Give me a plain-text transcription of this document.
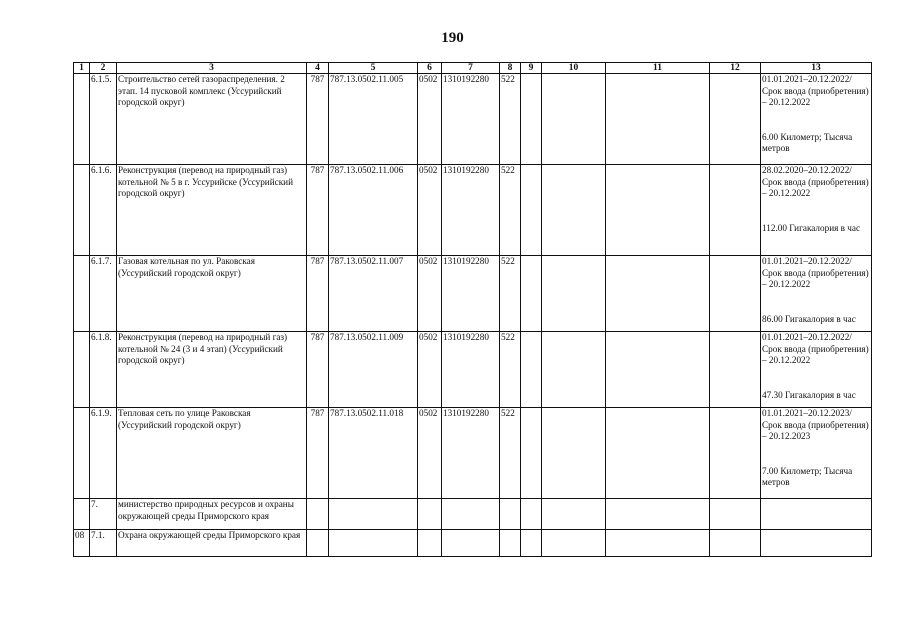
190
1	2	3	4	5	6	7	8	9	10	11	12	13
	6.1.5.	Строительство сетей газораспределения. 2 этап. 14 пусковой комплекс (Уссурийский городской округ)	787	787.13.0502.11.005	0502	1310192280	522					01.01.2021–20.12.2022/ Срок ввода (приобретения) – 20.12.2022
6.00 Километр; Тысяча метров

	6.1.6.	Реконструкция (перевод на природный газ) котельной № 5 в г. Уссурийске (Уссурийский городской округ)	787	787.13.0502.11.006	0502	1310192280	522					28.02.2020–20.12.2022/ Срок ввода (приобретения) – 20.12.2022
112.00 Гигакалория в час

	6.1.7.	Газовая котельная по ул. Раковская (Уссурийский городской округ)	787	787.13.0502.11.007	0502	1310192280	522					01.01.2021–20.12.2022/ Срок ввода (приобретения) – 20.12.2022
86.00 Гигакалория в час

	6.1.8.	Реконструкция (перевод на природный газ) котельной № 24 (3 и 4 этап) (Уссурийский городской округ)	787	787.13.0502.11.009	0502	1310192280	522					01.01.2021–20.12.2022/ Срок ввода (приобретения) – 20.12.2022
47.30 Гигакалория в час

	6.1.9.	Тепловая сеть по улице Раковская (Уссурийский городской округ)	787	787.13.0502.11.018	0502	1310192280	522					01.01.2021–20.12.2023/ Срок ввода (приобретения) – 20.12.2023
7.00 Километр; Тысяча метров

	7.	министерство природных ресурсов и охраны окружающей среды Приморского края										
08	7.1.	Охрана окружающей среды Приморского края										
